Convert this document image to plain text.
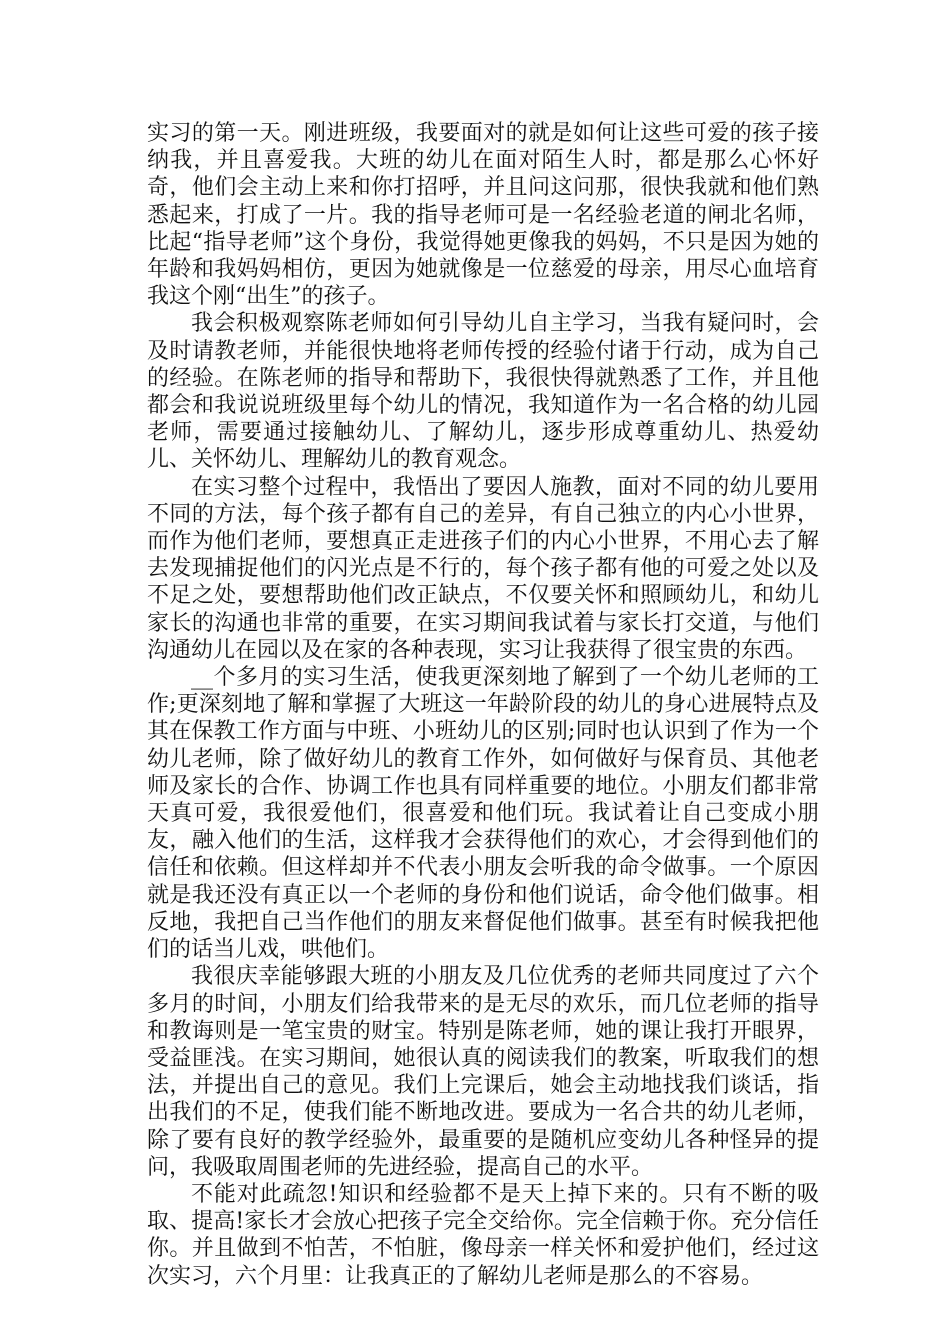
实习的第一天。刚进班级，我要面对的就是如何让这些可爱的孩子接纳我，并且喜爱我。大班的幼儿在面对陌生人时，都是那么心怀好奇，他们会主动上来和你打招呼，并且问这问那，很快我就和他们熟悉起来，打成了一片。我的指导老师可是一名经验老道的闸北名师，比起“指导老师”这个身份，我觉得她更像我的妈妈，不只是因为她的年龄和我妈妈相仿，更因为她就像是一位慈爱的母亲，用尽心血培育我这个刚“出生”的孩子。

我会积极观察陈老师如何引导幼儿自主学习，当我有疑问时，会及时请教老师，并能很快地将老师传授的经验付诸于行动，成为自己的经验。在陈老师的指导和帮助下，我很快得就熟悉了工作，并且他都会和我说说班级里每个幼儿的情况，我知道作为一名合格的幼儿园老师，需要通过接触幼儿、了解幼儿，逐步形成尊重幼儿、热爱幼儿、关怀幼儿、理解幼儿的教育观念。

在实习整个过程中，我悟出了要因人施教，面对不同的幼儿要用不同的方法，每个孩子都有自己的差异，有自己独立的内心小世界，而作为他们老师，要想真正走进孩子们的内心小世界，不用心去了解去发现捕捉他们的闪光点是不行的，每个孩子都有他的可爱之处以及不足之处，要想帮助他们改正缺点，不仅要关怀和照顾幼儿，和幼儿家长的沟通也非常的重要，在实习期间我试着与家长打交道，与他们沟通幼儿在园以及在家的各种表现，实习让我获得了很宝贵的东西。

__个多月的实习生活，使我更深刻地了解到了一个幼儿老师的工作;更深刻地了解和掌握了大班这一年龄阶段的幼儿的身心进展特点及其在保教工作方面与中班、小班幼儿的区别;同时也认识到了作为一个幼儿老师，除了做好幼儿的教育工作外，如何做好与保育员、其他老师及家长的合作、协调工作也具有同样重要的地位。小朋友们都非常天真可爱，我很爱他们，很喜爱和他们玩。我试着让自己变成小朋友，融入他们的生活，这样我才会获得他们的欢心，才会得到他们的信任和依赖。但这样却并不代表小朋友会听我的命令做事。一个原因就是我还没有真正以一个老师的身份和他们说话，命令他们做事。相反地，我把自己当作他们的朋友来督促他们做事。甚至有时候我把他们的话当儿戏，哄他们。

我很庆幸能够跟大班的小朋友及几位优秀的老师共同度过了六个多月的时间，小朋友们给我带来的是无尽的欢乐，而几位老师的指导和教诲则是一笔宝贵的财宝。特别是陈老师，她的课让我打开眼界，受益匪浅。在实习期间，她很认真的阅读我们的教案，听取我们的想法，并提出自己的意见。我们上完课后，她会主动地找我们谈话，指出我们的不足，使我们能不断地改进。要成为一名合共的幼儿老师，除了要有良好的教学经验外，最重要的是随机应变幼儿各种怪异的提问，我吸取周围老师的先进经验，提高自己的水平。

不能对此疏忽!知识和经验都不是天上掉下来的。只有不断的吸取、提高!家长才会放心把孩子完全交给你。完全信赖于你。充分信任你。并且做到不怕苦，不怕脏，像母亲一样关怀和爱护他们，经过这次实习，六个月里：让我真正的了解幼儿老师是那么的不容易。
